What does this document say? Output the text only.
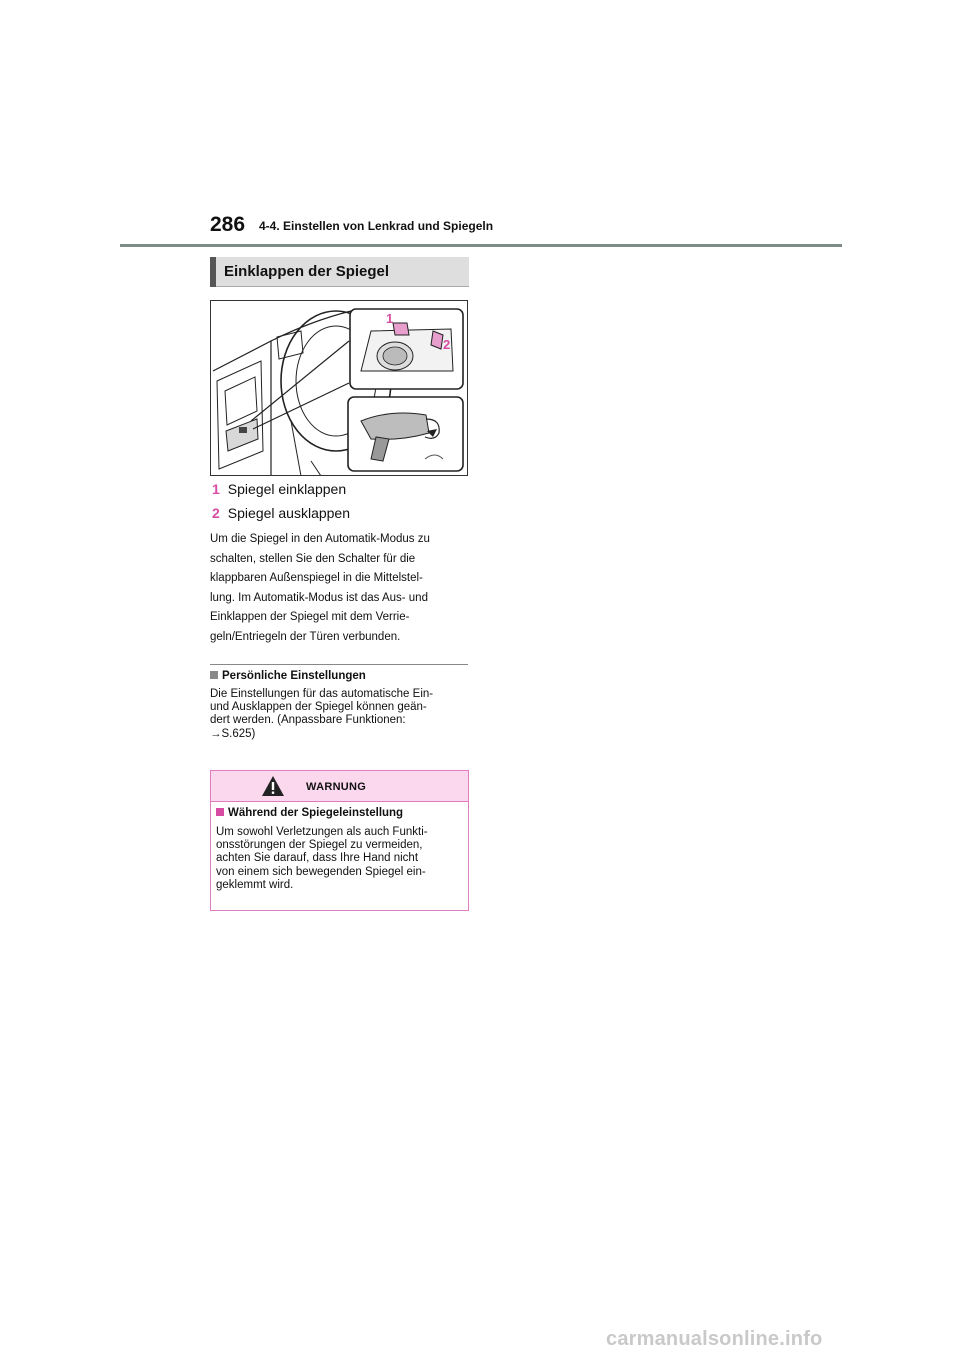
286 4-4. Einstellen von Lenkrad und Spiegeln
Einklappen der Spiegel
1
2
1 Spiegel einklappen
2 Spiegel ausklappen
Um die Spiegel in den Automatik-Modus zu
schalten, stellen Sie den Schalter für die
klappbaren Außenspiegel in die Mittelstel-
lung. Im Automatik-Modus ist das Aus- und
Einklappen der Spiegel mit dem Verrie-
geln/Entriegeln der Türen verbunden.
Persönliche Einstellungen
Die Einstellungen für das automatische Ein-
und Ausklappen der Spiegel können geän-
dert werden. (Anpassbare Funktionen:
→S.625)
WARNUNG
Während der Spiegeleinstellung
Um sowohl Verletzungen als auch Funkti-
onsstörungen der Spiegel zu vermeiden,
achten Sie darauf, dass Ihre Hand nicht
von einem sich bewegenden Spiegel ein-
geklemmt wird.
carmanualsonline.info
